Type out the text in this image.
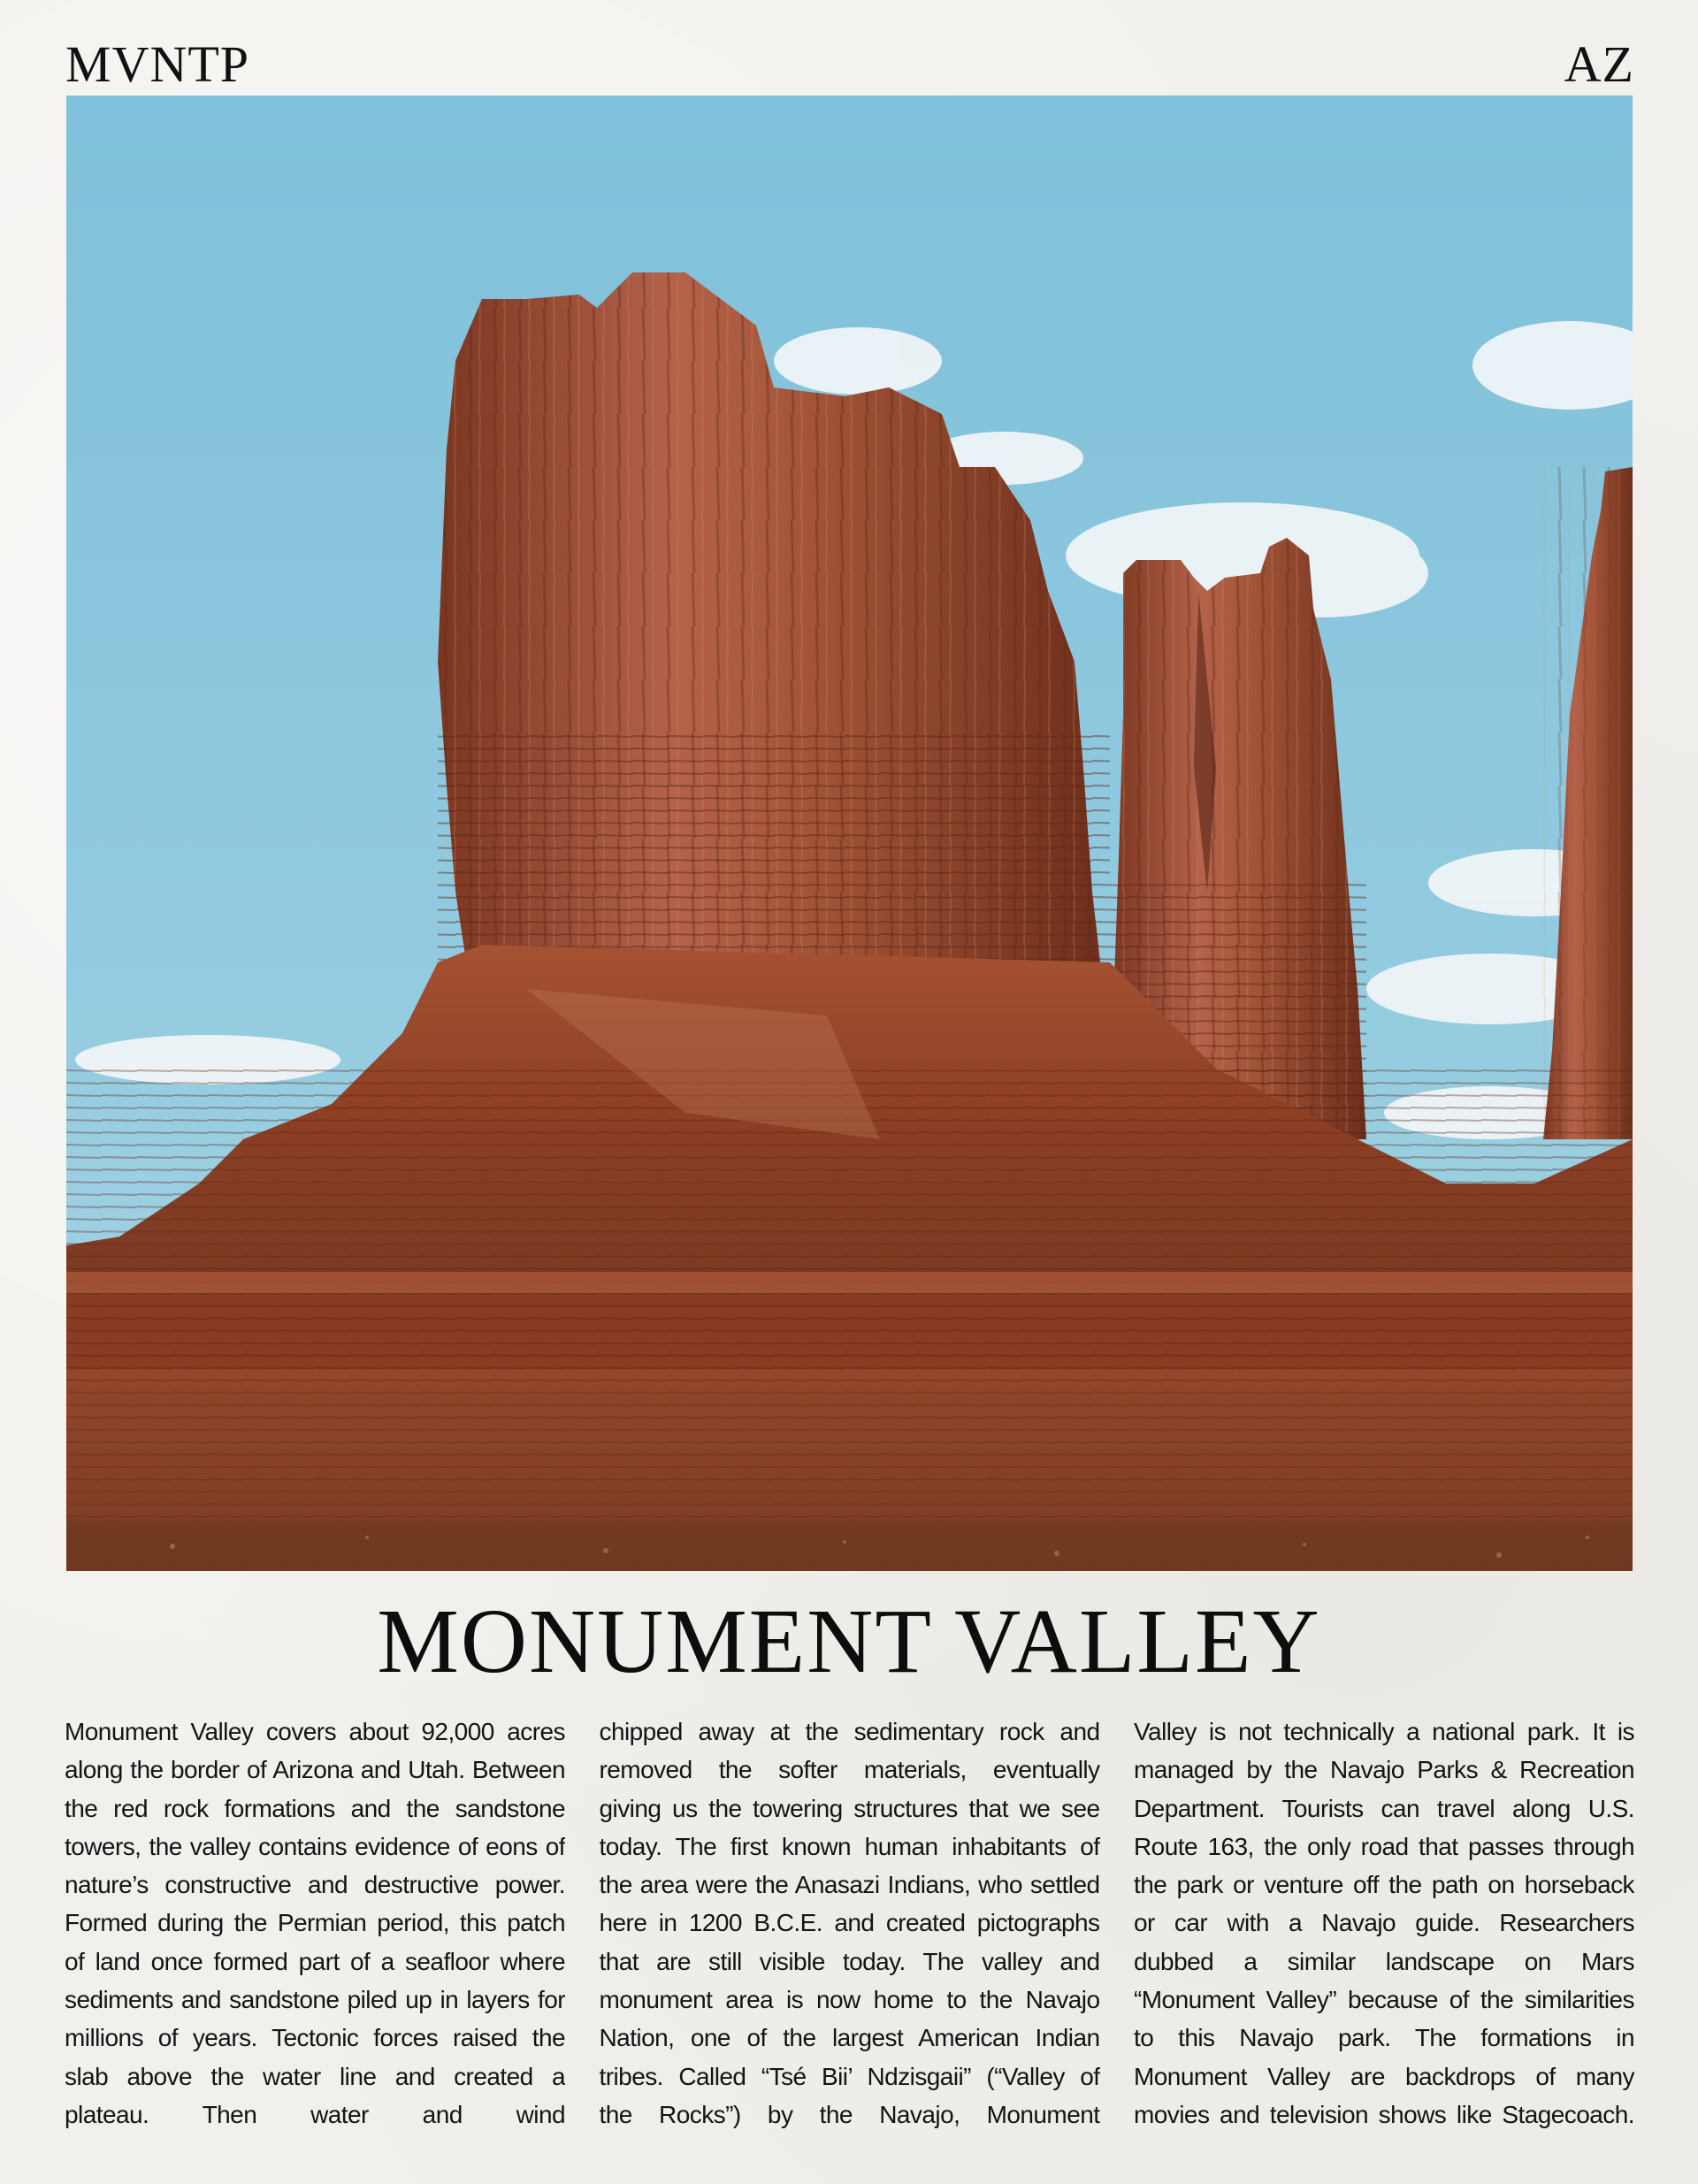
MVNTP	AZ
MONUMENT VALLEY
Monument Valley covers about 92,000 acres
along the border of Arizona and Utah. Between
the red rock formations and the sandstone
towers, the valley contains evidence of eons of
nature’s constructive and destructive power.
Formed during the Permian period, this patch
of land once formed part of a seafloor where
sediments and sandstone piled up in layers for
millions of years. Tectonic forces raised the
slab above the water line and created a
plateau. Then water and wind
chipped away at the sedimentary rock and
removed the softer materials, eventually
giving us the towering structures that we see
today. The first known human inhabitants of
the area were the Anasazi Indians, who settled
here in 1200 B.C.E. and created pictographs
that are still visible today. The valley and
monument area is now home to the Navajo
Nation, one of the largest American Indian
tribes. Called “Tsé Bii’ Ndzisgaii” (“Valley of
the Rocks”) by the Navajo, Monument
Valley is not technically a national park. It is
managed by the Navajo Parks & Recreation
Department. Tourists can travel along U.S.
Route 163, the only road that passes through
the park or venture off the path on horseback
or car with a Navajo guide. Researchers
dubbed a similar landscape on Mars
“Monument Valley” because of the similarities
to this Navajo park. The formations in
Monument Valley are backdrops of many
movies and television shows like Stagecoach.
